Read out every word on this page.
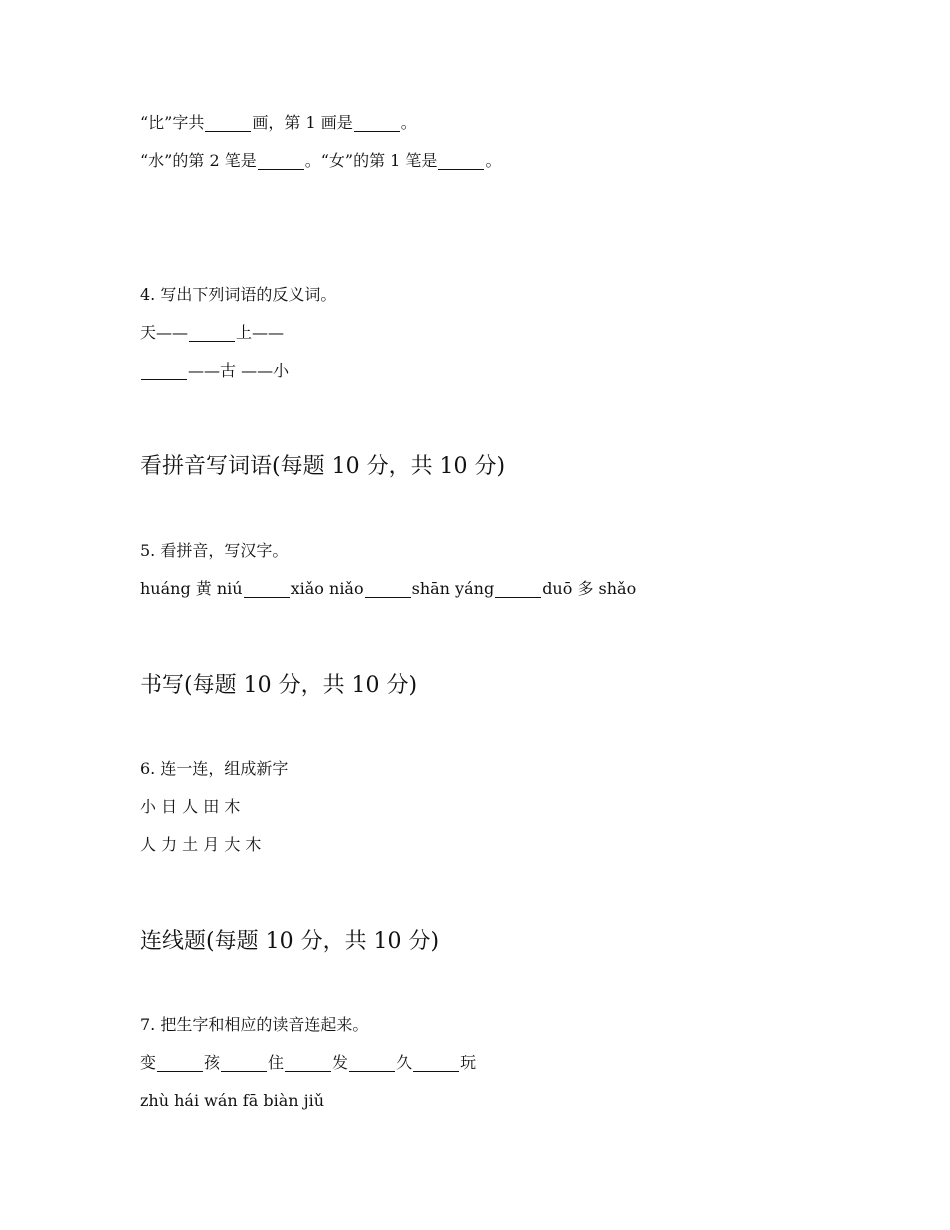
“比”字共	画，第 1 画是	。
“水”的第 2 笔是	。“女”的第 1 笔是	。
4. 写出下列词语的反义词。
天——	上——
——古 ——小
看拼音写词语(每题 10 分，共 10 分)
5. 看拼音，写汉字。
huáng 黄 niú	xiǎo niǎo	shān yáng	duō 多 shǎo
书写(每题 10 分，共 10 分)
6. 连一连，组成新字
小 日 人 田 木
人 力 土 月 大 木
连线题(每题 10 分，共 10 分)
7. 把生字和相应的读音连起来。
变	孩	住	发	久	玩
zhù hái wán fā biàn jiǔ
